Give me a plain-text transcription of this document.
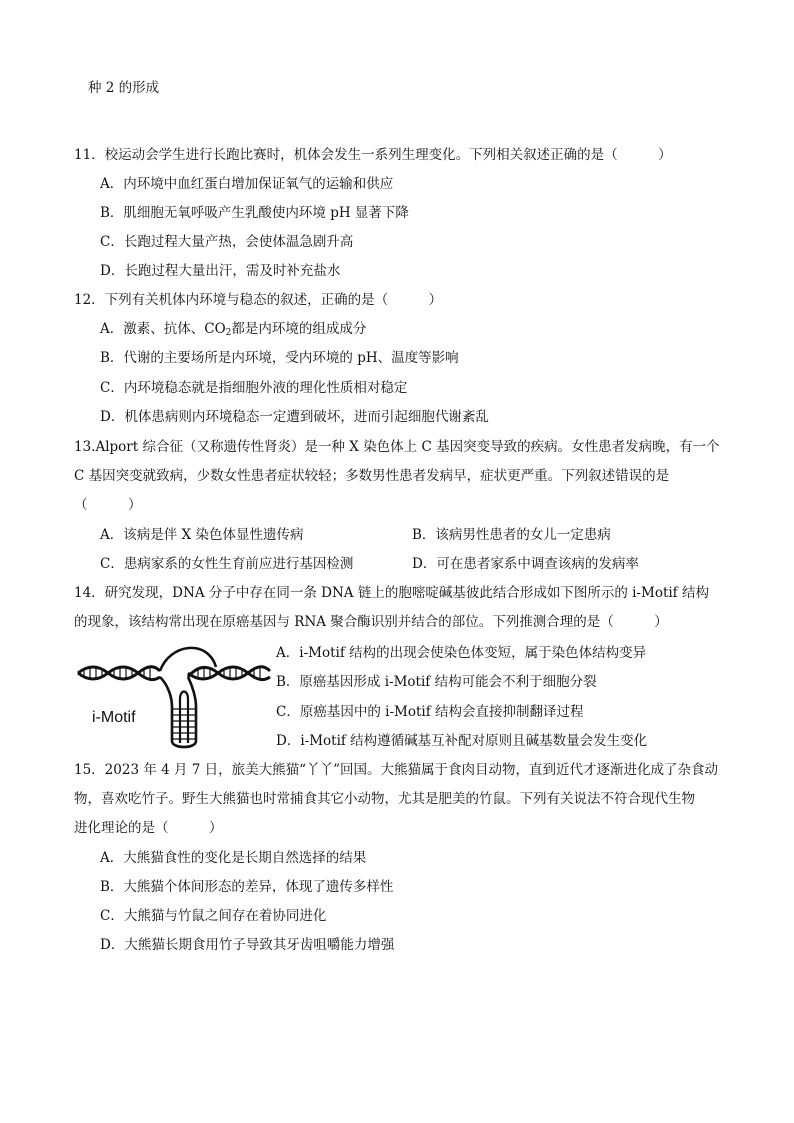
种 2 的形成
11．校运动会学生进行长跑比赛时，机体会发生一系列生理变化。下列相关叙述正确的是（　　　）
A．内环境中血红蛋白增加保证氧气的运输和供应
B．肌细胞无氧呼吸产生乳酸使内环境 pH 显著下降
C．长跑过程大量产热，会使体温急剧升高
D．长跑过程大量出汗，需及时补充盐水
12．下列有关机体内环境与稳态的叙述，正确的是（　　　）
A．激素、抗体、$CO_2$都是内环境的组成成分
B．代谢的主要场所是内环境，受内环境的 pH、温度等影响
C．内环境稳态就是指细胞外液的理化性质相对稳定
D．机体患病则内环境稳态一定遭到破坏，进而引起细胞代谢紊乱
13.Alport 综合征（又称遗传性肾炎）是一种 X 染色体上 C 基因突变导致的疾病。女性患者发病晚，有一个
C 基因突变就致病，少数女性患者症状较轻；多数男性患者发病早，症状更严重。下列叙述错误的是
（　　　）
A．该病是伴 X 染色体显性遗传病	B．该病男性患者的女儿一定患病
C．患病家系的女性生育前应进行基因检测	D．可在患者家系中调查该病的发病率
14．研究发现，DNA 分子中存在同一条 DNA 链上的胞嘧啶碱基彼此结合形成如下图所示的 i-Motif 结构
的现象，该结构常出现在原癌基因与 RNA 聚合酶识别并结合的部位。下列推测合理的是（　　　）
i-Motif
A．i-Motif 结构的出现会使染色体变短，属于染色体结构变异
B．原癌基因形成 i-Motif 结构可能会不利于细胞分裂
C．原癌基因中的 i-Motif 结构会直接抑制翻译过程
D．i-Motif 结构遵循碱基互补配对原则且碱基数量会发生变化
15．2023 年 4 月 7 日，旅美大熊猫“丫丫”回国。大熊猫属于食肉目动物，直到近代才逐渐进化成了杂食动
物，喜欢吃竹子。野生大熊猫也时常捕食其它小动物，尤其是肥美的竹鼠。下列有关说法不符合现代生物
进化理论的是（　　　）
A．大熊猫食性的变化是长期自然选择的结果
B．大熊猫个体间形态的差异，体现了遗传多样性
C．大熊猫与竹鼠之间存在着协同进化
D．大熊猫长期食用竹子导致其牙齿咀嚼能力增强
